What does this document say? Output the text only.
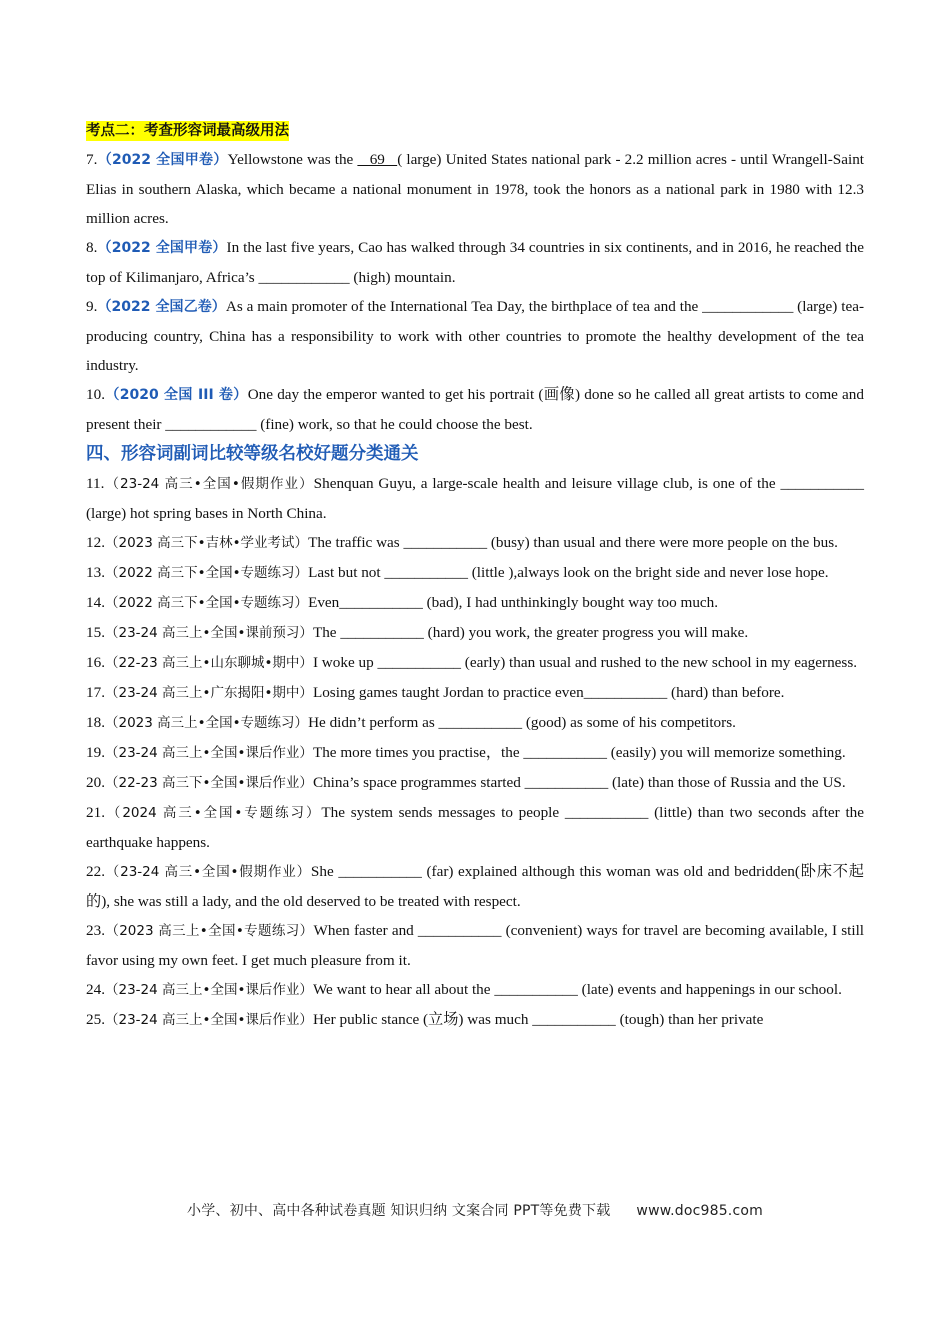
考点二：考查形容词最高级用法
7.（2022 全国甲卷）Yellowstone was the    69   ( large) United States national park - 2.2 million acres - until Wrangell-Saint Elias in southern Alaska, which became a national monument in 1978, took the honors as a national park in 1980 with 12.3 million acres.
8.（2022 全国甲卷）In the last five years, Cao has walked through 34 countries in six continents, and in 2016, he reached the top of Kilimanjaro, Africa’s ____________ (high) mountain.
9.（2022 全国乙卷）As a main promoter of the International Tea Day, the birthplace of tea and the ____________ (large) tea-producing country, China has a responsibility to work with other countries to promote the healthy development of the tea industry.
10.（2020 全国 III 卷）One day the emperor wanted to get his portrait (画像) done so he called all great artists to come and present their ____________ (fine) work, so that he could choose the best.
四、形容词副词比较等级名校好题分类通关
11.（23-24 高三•全国•假期作业）Shenquan Guyu, a large-scale health and leisure village club, is one of the ___________ (large) hot spring bases in North China.
12.（2023 高三下•吉林•学业考试）The traffic was ___________ (busy) than usual and there were more people on the bus.
13.（2022 高三下•全国•专题练习）Last but not ___________ (little ),always look on the bright side and never lose hope.
14.（2022 高三下•全国•专题练习）Even___________ (bad), I had unthinkingly bought way too much.
15.（23-24 高三上•全国•课前预习）The ___________ (hard) you work, the greater progress you will make.
16.（22-23 高三上•山东聊城•期中）I woke up ___________ (early) than usual and rushed to the new school in my eagerness.
17.（23-24 高三上•广东揭阳•期中）Losing games taught Jordan to practice even___________ (hard) than before.
18.（2023 高三上•全国•专题练习）He didn’t perform as ___________ (good) as some of his competitors.
19.（23-24 高三上•全国•课后作业）The more times you practise，the ___________ (easily) you will memorize something.
20.（22-23 高三下•全国•课后作业）China’s space programmes started ___________ (late) than those of Russia and the US.
21.（2024 高三•全国•专题练习）The system sends messages to people ___________ (little) than two seconds after the earthquake happens.
22.（23-24 高三•全国•假期作业）She ___________ (far) explained although this woman was old and bedridden(卧床不起的), she was still a lady, and the old deserved to be treated with respect.
23.（2023 高三上•全国•专题练习）When faster and ___________ (convenient) ways for travel are becoming available, I still favor using my own feet. I get much pleasure from it.
24.（23-24 高三上•全国•课后作业）We want to hear all about the ___________ (late) events and happenings in our school.
25.（23-24 高三上•全国•课后作业）Her public stance (立场) was much ___________ (tough) than her private
小学、初中、高中各种试卷真题 知识归纳 文案合同 PPT等免费下载 www.doc985.com
